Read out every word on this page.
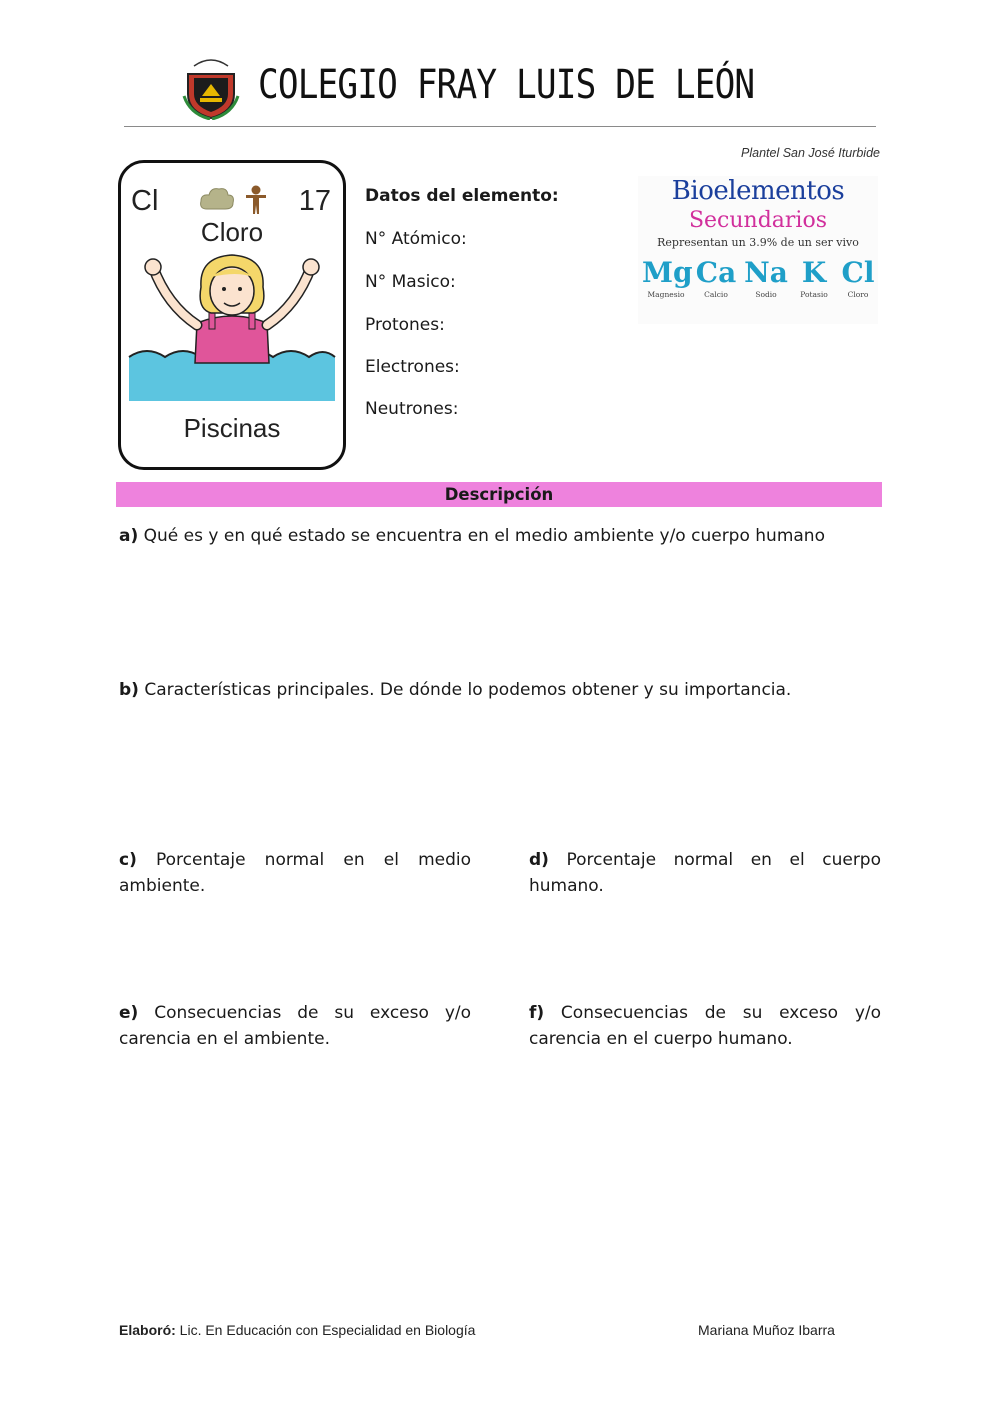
COLEGIO FRAY LUIS DE LEÓN
Plantel San José Iturbide
Cl	17
Cloro
Piscinas
Datos del elemento:
N° Atómico:
N° Masico:
Protones:
Electrones:
Neutrones:
Bioelementos
Secundarios
Representan un 3.9% de un ser vivo
Mg Ca Na K Cl
Magnesio	Calcio	Sodio	Potasio	Cloro
Descripción
a) Qué es y en qué estado se encuentra en el medio ambiente y/o cuerpo humano
b) Características principales. De dónde lo podemos obtener y su importancia.
c) Porcentaje normal en el medio ambiente.
d) Porcentaje normal en el cuerpo humano.
e) Consecuencias de su exceso y/o carencia en el ambiente.
f) Consecuencias de su exceso y/o carencia en el cuerpo humano.
Elaboró: Lic. En Educación con Especialidad en Biología	Mariana Muñoz Ibarra
